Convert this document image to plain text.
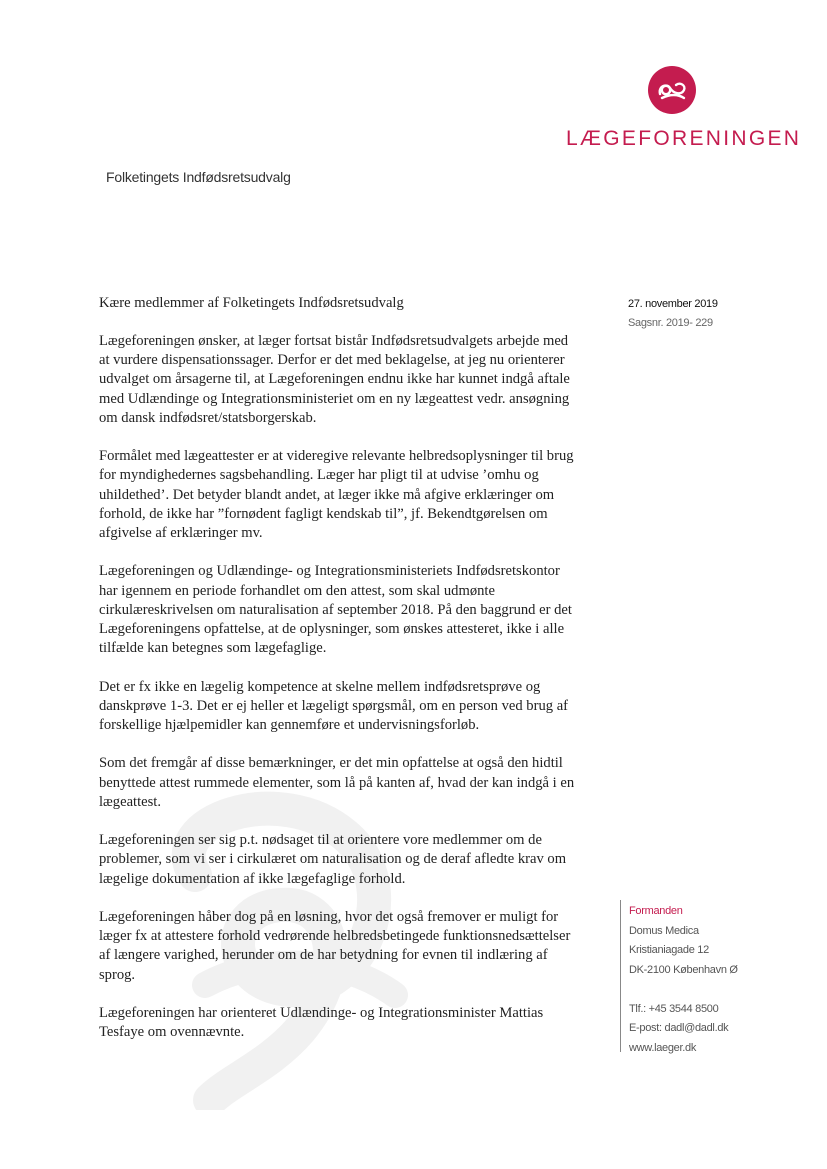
LÆGEFORENINGEN
Folketingets Indfødsretsudvalg
27. november 2019
Sagsnr. 2019- 229

Kære medlemmer af Folketingets Indfødsretsudvalg

Lægeforeningen ønsker, at læger fortsat bistår Indfødsretsudvalgets arbejde med at vurdere dispensationssager. Derfor er det med beklagelse, at jeg nu orienterer udvalget om årsagerne til, at Lægeforeningen endnu ikke har kunnet indgå aftale med Udlændinge og Integrationsministeriet om en ny lægeattest vedr. ansøgning om dansk indfødsret/statsborgerskab.

Formålet med lægeattester er at videregive relevante helbredsoplysninger til brug for myndighedernes sagsbehandling. Læger har pligt til at udvise ’omhu og uhildethed’. Det betyder blandt andet, at læger ikke må afgive erklæringer om forhold, de ikke har ”fornødent fagligt kendskab til”, jf. Bekendtgørelsen om afgivelse af erklæringer mv.

Lægeforeningen og Udlændinge- og Integrationsministeriets Indfødsretskontor har igennem en periode forhandlet om den attest, som skal udmønte cirkulæreskrivelsen om naturalisation af september 2018. På den baggrund er det Lægeforeningens opfattelse, at de oplysninger, som ønskes attesteret, ikke i alle tilfælde kan betegnes som lægefaglige.

Det er fx ikke en lægelig kompetence at skelne mellem indfødsretsprøve og danskprøve 1-3. Det er ej heller et lægeligt spørgsmål, om en person ved brug af forskellige hjælpemidler kan gennemføre et undervisningsforløb.

Som det fremgår af disse bemærkninger, er det min opfattelse at også den hidtil benyttede attest rummede elementer, som lå på kanten af, hvad der kan indgå i en lægeattest.

Lægeforeningen ser sig p.t. nødsaget til at orientere vore medlemmer om de problemer, som vi ser i cirkulæret om naturalisation og de deraf afledte krav om lægelige dokumentation af ikke lægefaglige forhold.

Lægeforeningen håber dog på en løsning, hvor det også fremover er muligt for læger fx at attestere forhold vedrørende helbredsbetingede funktionsnedsættelser af længere varighed, herunder om de har betydning for evnen til indlæring af sprog.

Lægeforeningen har orienteret Udlændinge- og Integrationsminister Mattias Tesfaye om ovennævnte.

Formanden
Domus Medica
Kristianiagade 12
DK-2100 København Ø
Tlf.: +45 3544 8500
E-post: dadl@dadl.dk
www.laeger.dk
